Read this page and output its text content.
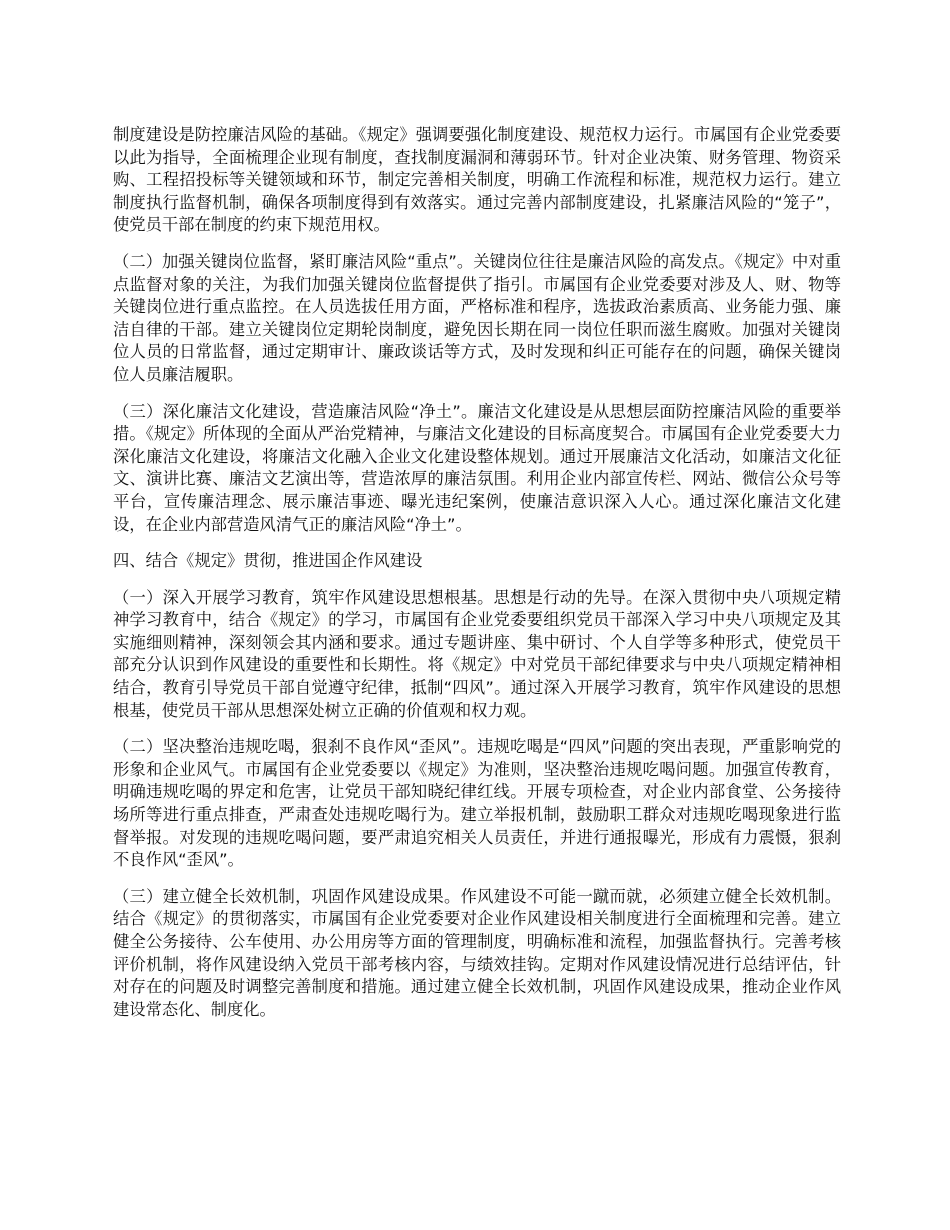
制度建设是防控廉洁风险的基础。《规定》强调要强化制度建设、规范权力运行。市属国有企业党委要以此为指导，全面梳理企业现有制度，查找制度漏洞和薄弱环节。针对企业决策、财务管理、物资采购、工程招投标等关键领域和环节，制定完善相关制度，明确工作流程和标准，规范权力运行。建立制度执行监督机制，确保各项制度得到有效落实。通过完善内部制度建设，扎紧廉洁风险的“笼子”，使党员干部在制度的约束下规范用权。

（二）加强关键岗位监督，紧盯廉洁风险“重点”。关键岗位往往是廉洁风险的高发点。《规定》中对重点监督对象的关注，为我们加强关键岗位监督提供了指引。市属国有企业党委要对涉及人、财、物等关键岗位进行重点监控。在人员选拔任用方面，严格标准和程序，选拔政治素质高、业务能力强、廉洁自律的干部。建立关键岗位定期轮岗制度，避免因长期在同一岗位任职而滋生腐败。加强对关键岗位人员的日常监督，通过定期审计、廉政谈话等方式，及时发现和纠正可能存在的问题，确保关键岗位人员廉洁履职。

（三）深化廉洁文化建设，营造廉洁风险“净土”。廉洁文化建设是从思想层面防控廉洁风险的重要举措。《规定》所体现的全面从严治党精神，与廉洁文化建设的目标高度契合。市属国有企业党委要大力深化廉洁文化建设，将廉洁文化融入企业文化建设整体规划。通过开展廉洁文化活动，如廉洁文化征文、演讲比赛、廉洁文艺演出等，营造浓厚的廉洁氛围。利用企业内部宣传栏、网站、微信公众号等平台，宣传廉洁理念、展示廉洁事迹、曝光违纪案例，使廉洁意识深入人心。通过深化廉洁文化建设，在企业内部营造风清气正的廉洁风险“净土”。

四、结合《规定》贯彻，推进国企作风建设

（一）深入开展学习教育，筑牢作风建设思想根基。思想是行动的先导。在深入贯彻中央八项规定精神学习教育中，结合《规定》的学习，市属国有企业党委要组织党员干部深入学习中央八项规定及其实施细则精神，深刻领会其内涵和要求。通过专题讲座、集中研讨、个人自学等多种形式，使党员干部充分认识到作风建设的重要性和长期性。将《规定》中对党员干部纪律要求与中央八项规定精神相结合，教育引导党员干部自觉遵守纪律，抵制“四风”。通过深入开展学习教育，筑牢作风建设的思想根基，使党员干部从思想深处树立正确的价值观和权力观。

（二）坚决整治违规吃喝，狠刹不良作风“歪风”。违规吃喝是“四风”问题的突出表现，严重影响党的形象和企业风气。市属国有企业党委要以《规定》为准则，坚决整治违规吃喝问题。加强宣传教育，明确违规吃喝的界定和危害，让党员干部知晓纪律红线。开展专项检查，对企业内部食堂、公务接待场所等进行重点排查，严肃查处违规吃喝行为。建立举报机制，鼓励职工群众对违规吃喝现象进行监督举报。对发现的违规吃喝问题，要严肃追究相关人员责任，并进行通报曝光，形成有力震慑，狠刹不良作风“歪风”。

（三）建立健全长效机制，巩固作风建设成果。作风建设不可能一蹴而就，必须建立健全长效机制。结合《规定》的贯彻落实，市属国有企业党委要对企业作风建设相关制度进行全面梳理和完善。建立健全公务接待、公车使用、办公用房等方面的管理制度，明确标准和流程，加强监督执行。完善考核评价机制，将作风建设纳入党员干部考核内容，与绩效挂钩。定期对作风建设情况进行总结评估，针对存在的问题及时调整完善制度和措施。通过建立健全长效机制，巩固作风建设成果，推动企业作风建设常态化、制度化。
